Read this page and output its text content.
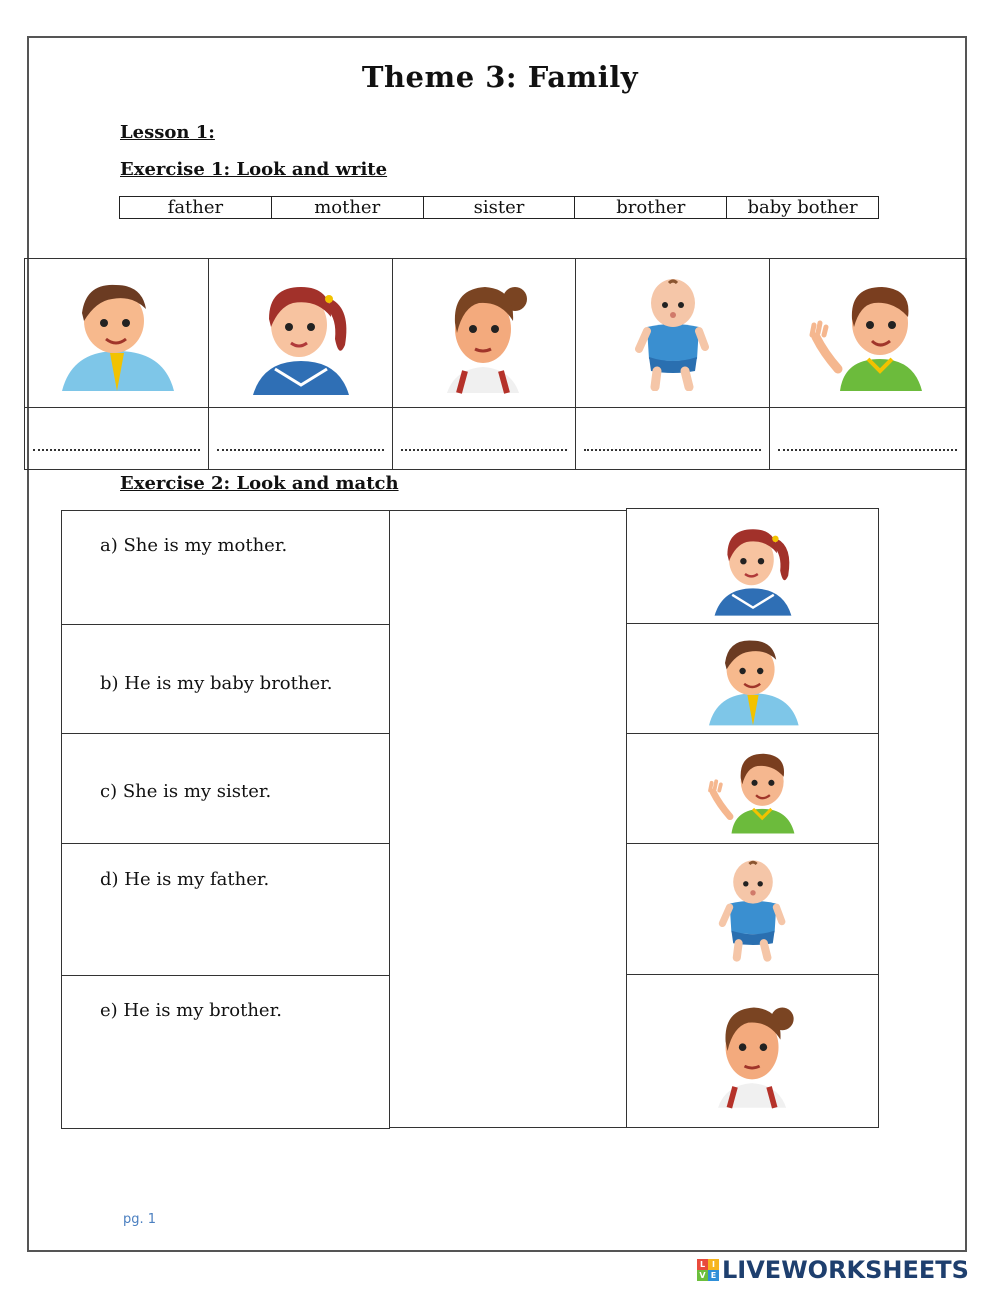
Theme 3: Family
Lesson 1:
Exercise 1: Look and write
father	mother	sister	brother	baby bother
Exercise 2: Look and match
a) She is my mother.
b) He is my baby brother.
c) She is my sister.
d) He is my father.
e) He is my brother.
pg. 1
L I
V E LIVEWORKSHEETS
